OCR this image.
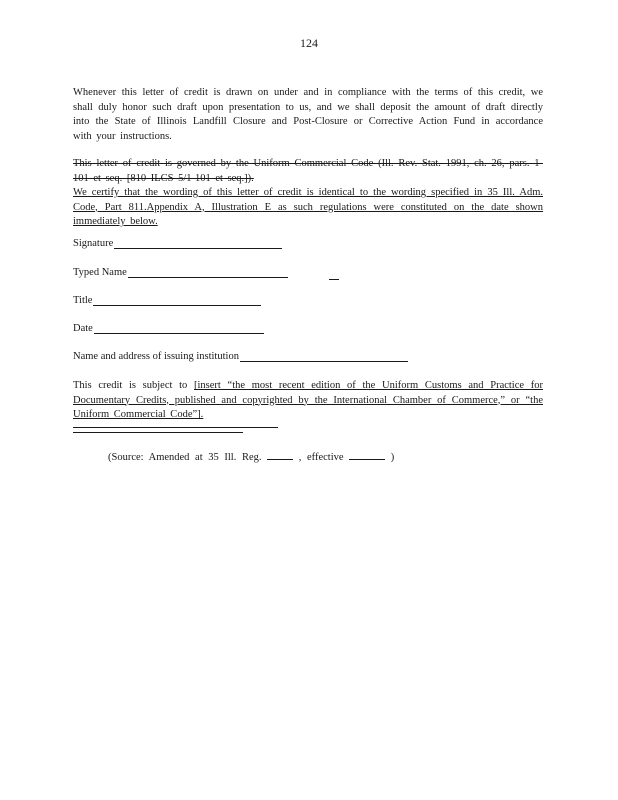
124
Whenever this letter of credit is drawn on under and in compliance with the terms of this credit, we shall duly honor such draft upon presentation to us, and we shall deposit the amount of draft directly into the State of Illinois Landfill Closure and Post-Closure or Corrective Action Fund in accordance with your instructions.
This letter of credit is governed by the Uniform Commercial Code (Ill. Rev. Stat. 1991, ch. 26, pars. 1-101 et seq. [810 ILCS 5/1-101 et seq.]).
We certify that the wording of this letter of credit is identical to the wording specified in 35 Ill. Adm. Code, Part 811.Appendix A, Illustration E as such regulations were constituted on the date shown immediately below.
Signature
Typed Name
Title
Date
Name and address of issuing institution
This credit is subject to [insert “the most recent edition of the Uniform Customs and Practice for Documentary Credits, published and copyrighted by the International Chamber of Commerce,” or “the Uniform Commercial Code”].
(Source: Amended at 35 Ill. Reg.	, effective	)
